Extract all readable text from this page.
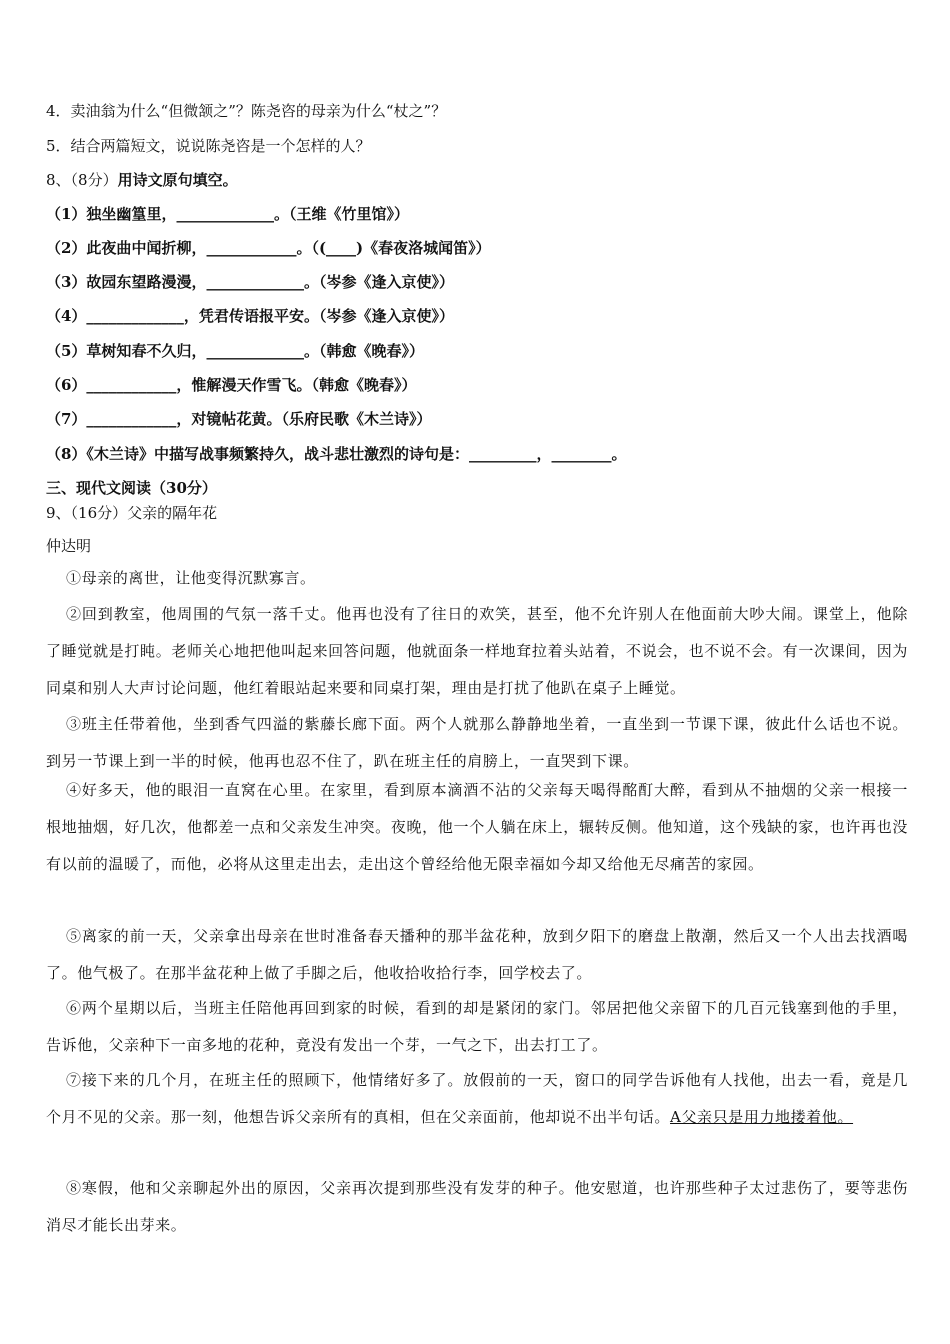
4．卖油翁为什么“但微颔之”？陈尧咨的母亲为什么“杖之”？
5．结合两篇短文，说说陈尧咨是一个怎样的人？
8、（8分）用诗文原句填空。
（1）独坐幽篁里，_____________。（王维《竹里馆》）
（2）此夜曲中闻折柳，____________。（(____)《春夜洛城闻笛》）
（3）故园东望路漫漫，_____________。（岑参《逢入京使》）
（4）_____________，凭君传语报平安。（岑参《逢入京使》）
（5）草树知春不久归，_____________。（韩愈《晚春》）
（6）____________，惟解漫天作雪飞。（韩愈《晚春》）
（7）____________，对镜帖花黄。（乐府民歌《木兰诗》）
（8）《木兰诗》中描写战事频繁持久，战斗悲壮激烈的诗句是：_________，________。
三、现代文阅读（30分）
9、（16分）父亲的隔年花
仲达明
①母亲的离世，让他变得沉默寡言。
②回到教室，他周围的气氛一落千丈。他再也没有了往日的欢笑，甚至，他不允许别人在他面前大吵大闹。课堂上，他除了睡觉就是打盹。老师关心地把他叫起来回答问题，他就面条一样地耷拉着头站着，不说会，也不说不会。有一次课间，因为同桌和别人大声讨论问题，他红着眼站起来要和同桌打架，理由是打扰了他趴在桌子上睡觉。
③班主任带着他，坐到香气四溢的紫藤长廊下面。两个人就那么静静地坐着，一直坐到一节课下课，彼此什么话也不说。到另一节课上到一半的时候，他再也忍不住了，趴在班主任的肩膀上，一直哭到下课。
④好多天，他的眼泪一直窝在心里。在家里，看到原本滴酒不沾的父亲每天喝得酩酊大醉，看到从不抽烟的父亲一根接一根地抽烟，好几次，他都差一点和父亲发生冲突。夜晚，他一个人躺在床上，辗转反侧。他知道，这个残缺的家，也许再也没有以前的温暖了，而他，必将从这里走出去，走出这个曾经给他无限幸福如今却又给他无尽痛苦的家园。
⑤离家的前一天，父亲拿出母亲在世时准备春天播种的那半盆花种，放到夕阳下的磨盘上散潮，然后又一个人出去找酒喝了。他气极了。在那半盆花种上做了手脚之后，他收拾收拾行李，回学校去了。
⑥两个星期以后，当班主任陪他再回到家的时候，看到的却是紧闭的家门。邻居把他父亲留下的几百元钱塞到他的手里，告诉他，父亲种下一亩多地的花种，竟没有发出一个芽，一气之下，出去打工了。
⑦接下来的几个月，在班主任的照顾下，他情绪好多了。放假前的一天，窗口的同学告诉他有人找他，出去一看，竟是几个月不见的父亲。那一刻，他想告诉父亲所有的真相，但在父亲面前，他却说不出半句话。A父亲只是用力地搂着他。
⑧寒假，他和父亲聊起外出的原因，父亲再次提到那些没有发芽的种子。他安慰道，也许那些种子太过悲伤了，要等悲伤消尽才能长出芽来。
